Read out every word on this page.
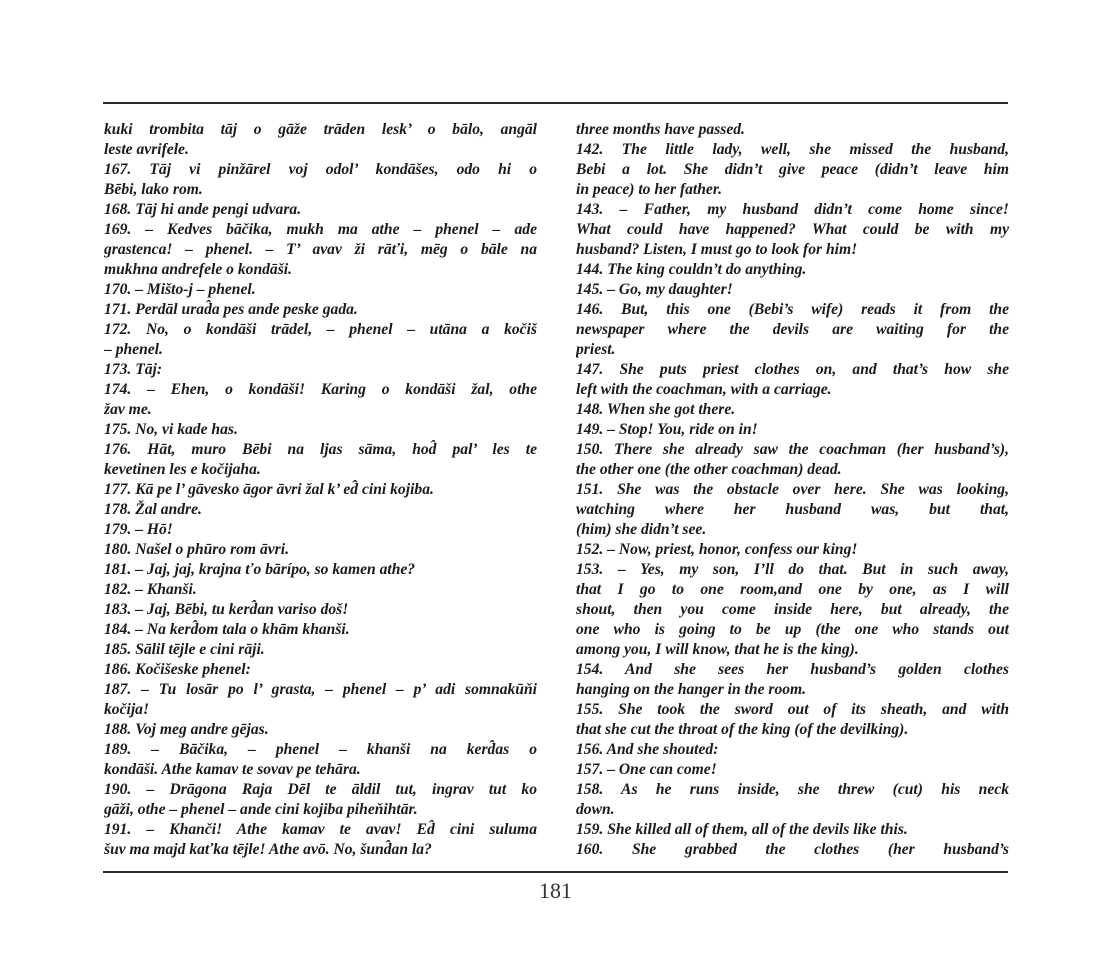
kuki trombita tāj o gāže trāden lesk’ o bālo, angāl
leste avrifele.
167. Tāj vi pinžārel voj odol’ kondāšes, odo hi o
Bēbi, lako rom.
168. Tāj hi ande pengi udvara.
169. – Kedves bāčika, mukh ma athe – phenel – ade
grastenca! – phenel. – T’ avav ži rāťi, mēg o bāle na
mukhna andrefele o kondāši.
170. – Mišto-j – phenel.
171. Perdāl urad̂a pes ande peske gada.
172. No, o kondāši trādel, – phenel – utāna a kočiš
– phenel.
173. Tāj:
174. – Ehen, o kondāši! Karing o kondāši žal, othe
žav me.
175. No, vi kade has.
176. Hāt, muro Bēbi na ljas sāma, hod̂ pal’ les te
kevetinen les e kočijaha.
177. Kā pe l’ gāvesko āgor āvri žal k’ ed̂ cini kojiba.
178. Žal andre.
179. – Hō!
180. Našel o phūro rom āvri.
181. – Jaj, jaj, krajna ťo bārípo, so kamen athe?
182. – Khanši.
183. – Jaj, Bēbi, tu kerd̂an variso doš!
184. – Na kerd̂om tala o khām khanši.
185. Sālil tējle e cini rāji.
186. Kočišeske phenel:
187. – Tu losār po l’ grasta, – phenel – p’ adi somnakūňi
kočija!
188. Voj meg andre gējas.
189. – Bāčika, – phenel – khanši na kerd̂as o
kondāši. Athe kamav te sovav pe tehāra.
190. – Drāgona Raja Dēl te āldil tut, ingrav tut ko
gāži, othe – phenel – ande cini kojiba piheňihtār.
191. – Khanči! Athe kamav te avav! Ed̂ cini suluma
šuv ma majd kaťka tējle! Athe avō. No, šund̂an la?
three months have passed.
142. The little lady, well, she missed the husband,
Bebi a lot. She didn’t give peace (didn’t leave him
in peace) to her father.
143. – Father, my husband didn’t come home since!
What could have happened? What could be with my
husband? Listen, I must go to look for him!
144. The king couldn’t do anything.
145. – Go, my daughter!
146. But, this one (Bebi’s wife) reads it from the
newspaper where the devils are waiting for the
priest.
147. She puts priest clothes on, and that’s how she
left with the coachman, with a carriage.
148. When she got there.
149. – Stop! You, ride on in!
150. There she already saw the coachman (her husband’s),
the other one (the other coachman) dead.
151. She was the obstacle over here. She was looking,
watching where her husband was, but that,
(him) she didn’t see.
152. – Now, priest, honor, confess our king!
153. – Yes, my son, I’ll do that. But in such away,
that I go to one room,and one by one, as I will
shout, then you come inside here, but already, the
one who is going to be up (the one who stands out
among you, I will know, that he is the king).
154. And she sees her husband’s golden clothes
hanging on the hanger in the room.
155. She took the sword out of its sheath, and with
that she cut the throat of the king (of the devilking).
156. And she shouted:
157. – One can come!
158. As he runs inside, she threw (cut) his neck
down.
159. She killed all of them, all of the devils like this.
160. She grabbed the clothes (her husband’s
181
